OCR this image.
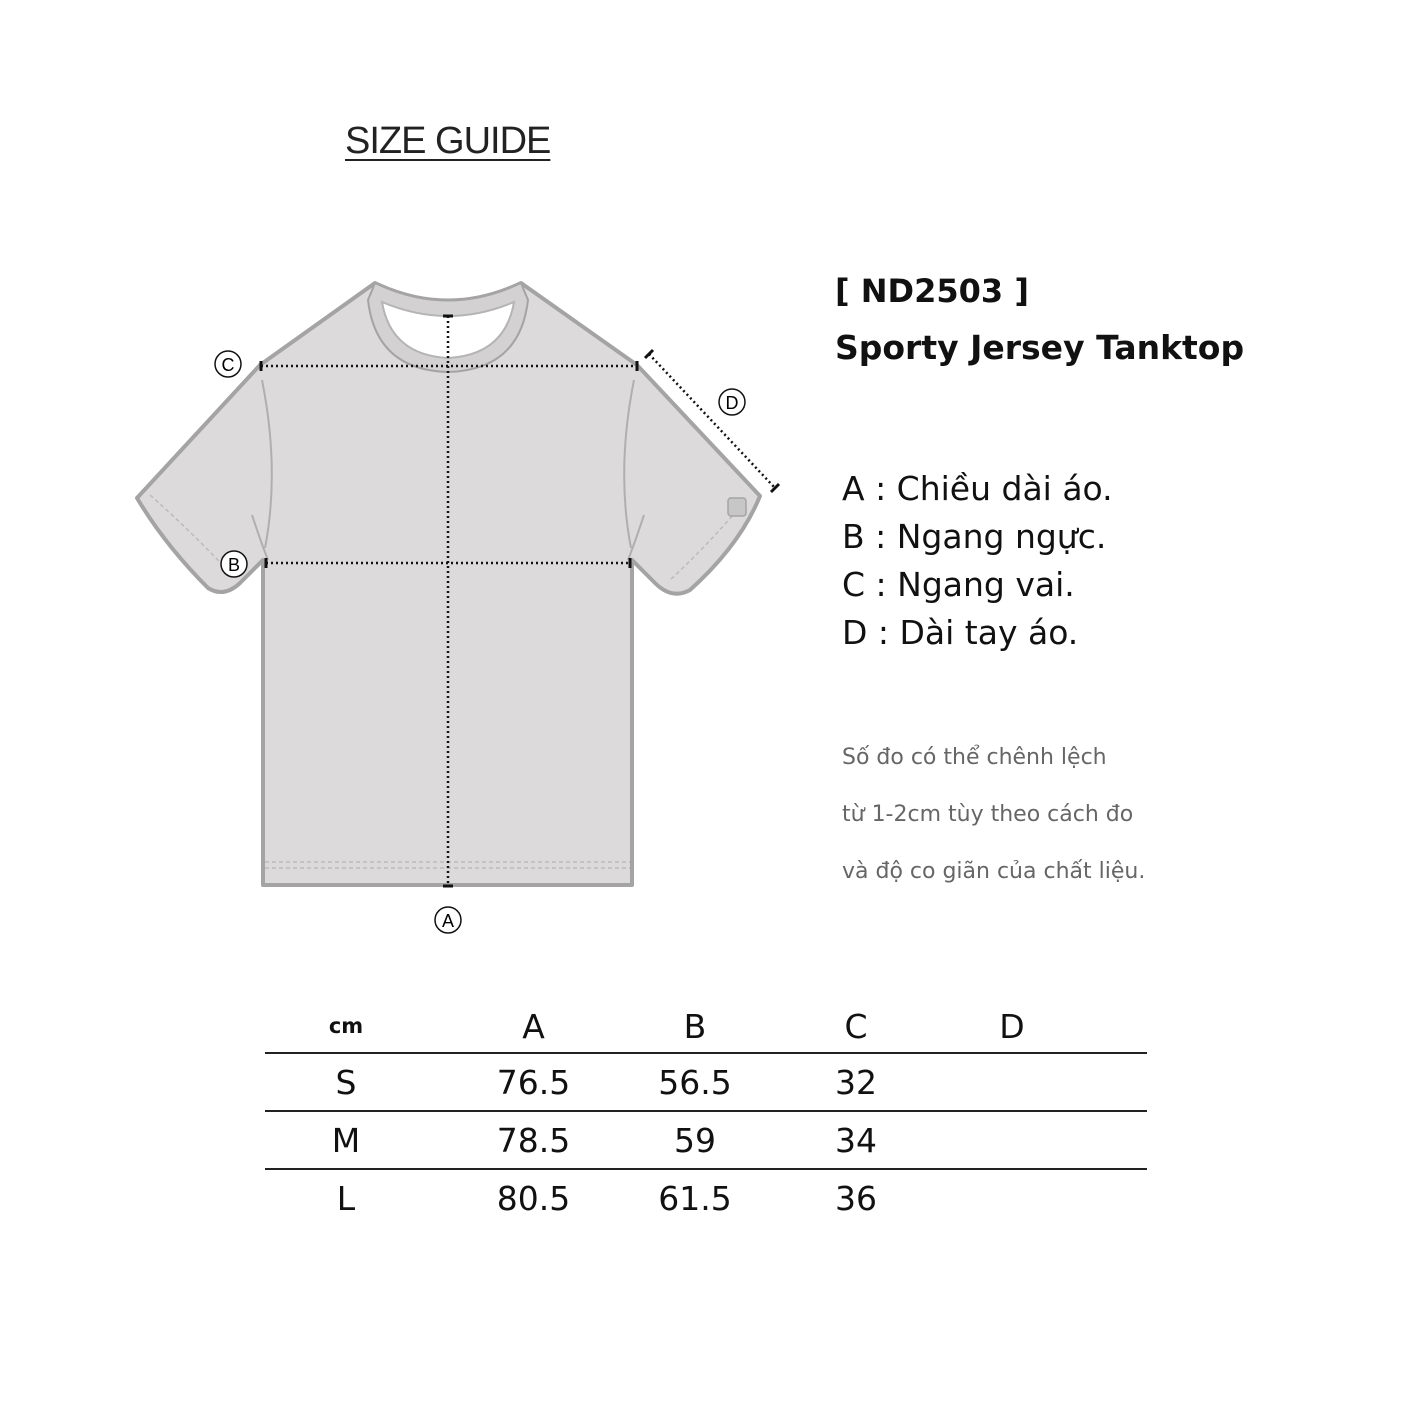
SIZE GUIDE
C
D
B
A
[ ND2503 ]
Sporty Jersey Tanktop
A : Chiều dài áo.
B : Ngang ngực.
C : Ngang vai.
D : Dài tay áo.
Số đo có thể chênh lệch
từ 1-2cm tùy theo cách đo
và độ co giãn của chất liệu.
cm	A	B	C	D	
S	76.5	56.5	32		
M	78.5	59	34		
L	80.5	61.5	36		
